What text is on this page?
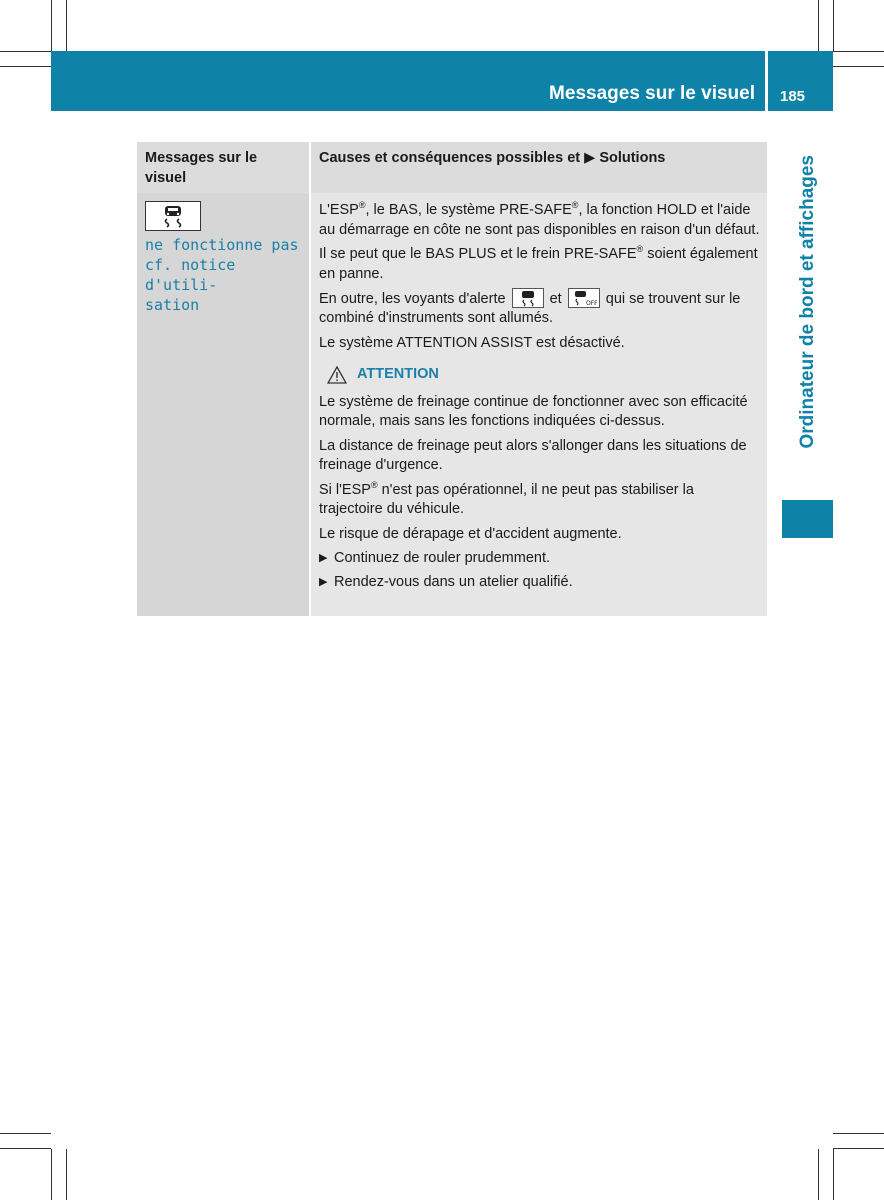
Messages sur le visuel 185
Ordinateur de bord et affichages
Messages sur le visuel
Causes et conséquences possibles et ▶ Solutions
ne fonctionne pas
cf. notice d'utili-
sation

L'ESP®, le BAS, le système PRE-SAFE®, la fonction HOLD et l'aide au démarrage en côte ne sont pas disponibles en raison d'un défaut.

Il se peut que le BAS PLUS et le frein PRE-SAFE® soient également en panne.

En outre, les voyants d'alerte	et	OFF qui se trouvent sur le combiné d'instruments sont allumés.

Le système ATTENTION ASSIST est désactivé.

ATTENTION

Le système de freinage continue de fonctionner avec son efficacité normale, mais sans les fonctions indiquées ci-dessus.

La distance de freinage peut alors s'allonger dans les situations de freinage d'urgence.

Si l'ESP® n'est pas opérationnel, il ne peut pas stabiliser la trajectoire du véhicule.

Le risque de dérapage et d'accident augmente.

▶ Continuez de rouler prudemment.
▶ Rendez-vous dans un atelier qualifié.
